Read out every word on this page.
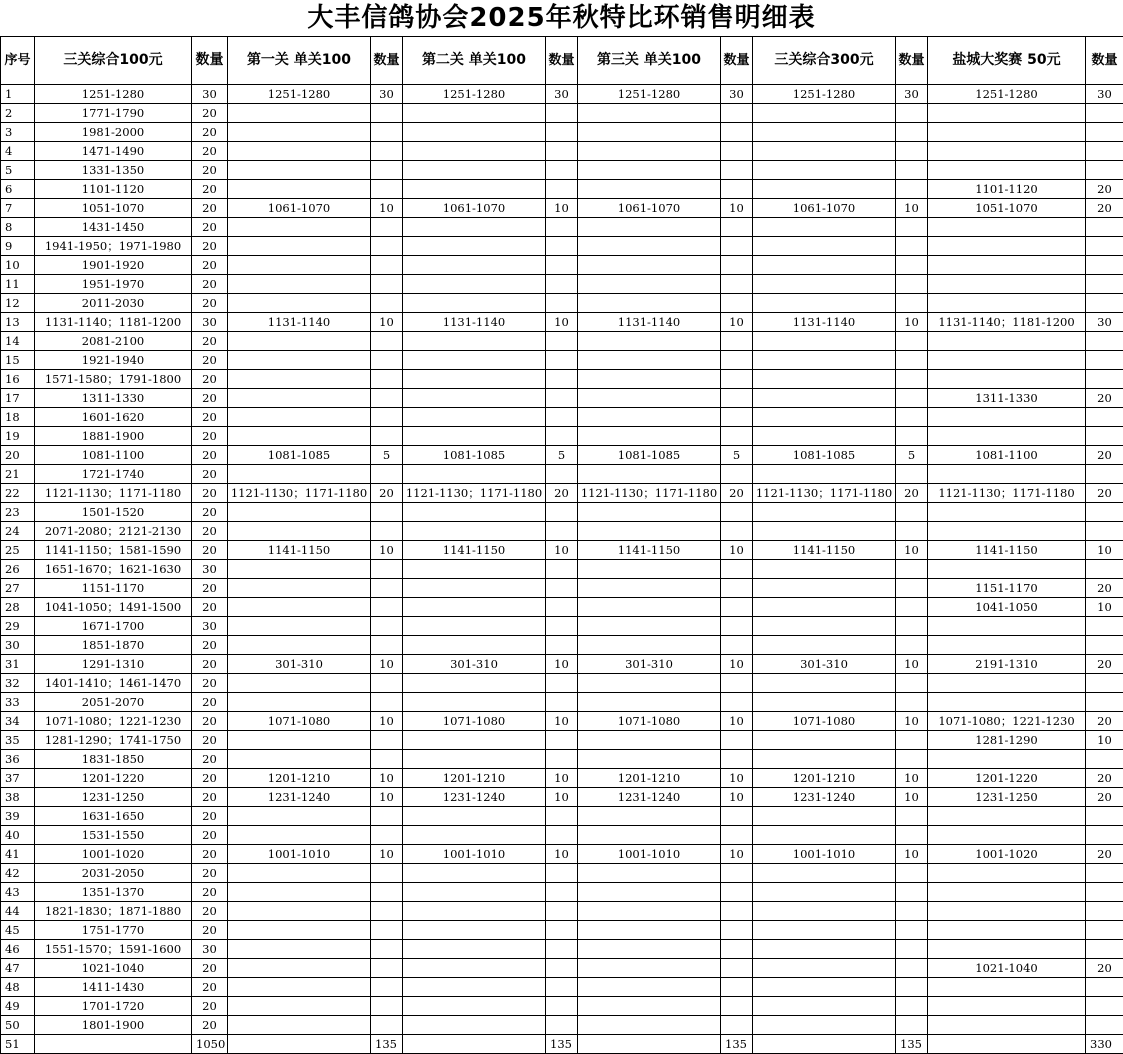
大丰信鸽协会2025年秋特比环销售明细表
序号	三关综合100元	数量	第一关 单关100	数量	第二关 单关100	数量	第三关 单关100	数量	三关综合300元	数量	盐城大奖赛 50元	数量
1	1251-1280	30	1251-1280	30	1251-1280	30	1251-1280	30	1251-1280	30	1251-1280	30
2	1771-1790	20										
3	1981-2000	20										
4	1471-1490	20										
5	1331-1350	20										
6	1101-1120	20									1101-1120	20
7	1051-1070	20	1061-1070	10	1061-1070	10	1061-1070	10	1061-1070	10	1051-1070	20
8	1431-1450	20										
9	1941-1950；1971-1980	20										
10	1901-1920	20										
11	1951-1970	20										
12	2011-2030	20										
13	1131-1140；1181-1200	30	1131-1140	10	1131-1140	10	1131-1140	10	1131-1140	10	1131-1140；1181-1200	30
14	2081-2100	20										
15	1921-1940	20										
16	1571-1580；1791-1800	20										
17	1311-1330	20									1311-1330	20
18	1601-1620	20										
19	1881-1900	20										
20	1081-1100	20	1081-1085	5	1081-1085	5	1081-1085	5	1081-1085	5	1081-1100	20
21	1721-1740	20										
22	1121-1130；1171-1180	20	1121-1130；1171-1180	20	1121-1130；1171-1180	20	1121-1130；1171-1180	20	1121-1130；1171-1180	20	1121-1130；1171-1180	20
23	1501-1520	20										
24	2071-2080；2121-2130	20										
25	1141-1150；1581-1590	20	1141-1150	10	1141-1150	10	1141-1150	10	1141-1150	10	1141-1150	10
26	1651-1670；1621-1630	30										
27	1151-1170	20									1151-1170	20
28	1041-1050；1491-1500	20									1041-1050	10
29	1671-1700	30										
30	1851-1870	20										
31	1291-1310	20	301-310	10	301-310	10	301-310	10	301-310	10	2191-1310	20
32	1401-1410；1461-1470	20										
33	2051-2070	20										
34	1071-1080；1221-1230	20	1071-1080	10	1071-1080	10	1071-1080	10	1071-1080	10	1071-1080；1221-1230	20
35	1281-1290；1741-1750	20									1281-1290	10
36	1831-1850	20										
37	1201-1220	20	1201-1210	10	1201-1210	10	1201-1210	10	1201-1210	10	1201-1220	20
38	1231-1250	20	1231-1240	10	1231-1240	10	1231-1240	10	1231-1240	10	1231-1250	20
39	1631-1650	20										
40	1531-1550	20										
41	1001-1020	20	1001-1010	10	1001-1010	10	1001-1010	10	1001-1010	10	1001-1020	20
42	2031-2050	20										
43	1351-1370	20										
44	1821-1830；1871-1880	20										
45	1751-1770	20										
46	1551-1570；1591-1600	30										
47	1021-1040	20									1021-1040	20
48	1411-1430	20										
49	1701-1720	20										
50	1801-1900	20										
51		1050		135		135		135		135		330
